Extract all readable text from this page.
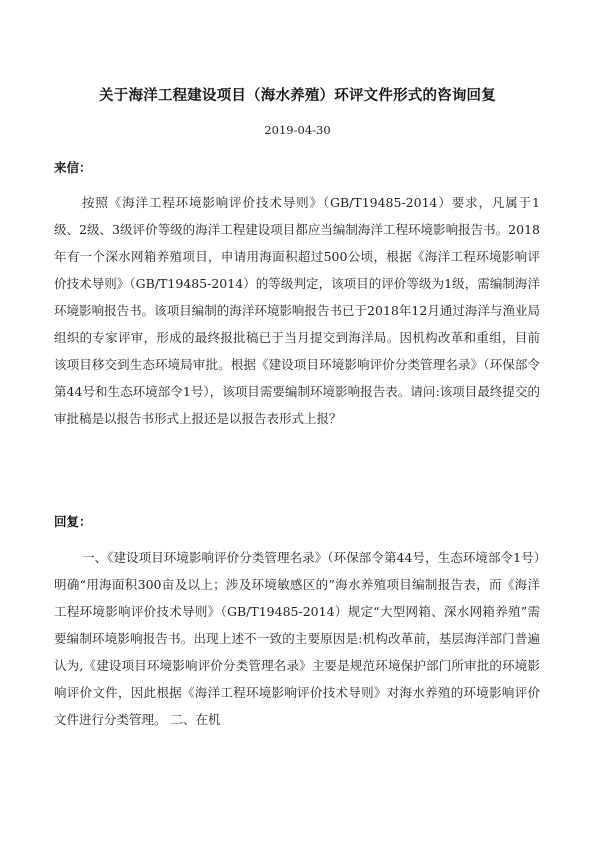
关于海洋工程建设项目（海水养殖）环评文件形式的咨询回复
2019-04-30
来信：

按照《海洋工程环境影响评价技术导则》（GB/T19485-2014）要求，凡属于1级、2级、3级评价等级的海洋工程建设项目都应当编制海洋工程环境影响报告书。2018年有一个深水网箱养殖项目，申请用海面积超过500公顷，根据《海洋工程环境影响评价技术导则》（GB/T19485-2014）的等级判定，该项目的评价等级为1级，需编制海洋环境影响报告书。该项目编制的海洋环境影响报告书已于2018年12月通过海洋与渔业局组织的专家评审，形成的最终报批稿已于当月提交到海洋局。因机构改革和重组，目前该项目移交到生态环境局审批。根据《建设项目环境影响评价分类管理名录》（环保部令第44号和生态环境部令1号），该项目需要编制环境影响报告表。请问:该项目最终提交的审批稿是以报告书形式上报还是以报告表形式上报？

回复：

一、《建设项目环境影响评价分类管理名录》（环保部令第44号，生态环境部令1号）明确“用海面积300亩及以上；涉及环境敏感区的”海水养殖项目编制报告表，而《海洋工程环境影响评价技术导则》（GB/T19485-2014）规定“大型网箱、深水网箱养殖”需要编制环境影响报告书。出现上述不一致的主要原因是:机构改革前，基层海洋部门普遍认为,《建设项目环境影响评价分类管理名录》主要是规范环境保护部门所审批的环境影响评价文件，因此根据《海洋工程环境影响评价技术导则》对海水养殖的环境影响评价文件进行分类管理。 二、在机
